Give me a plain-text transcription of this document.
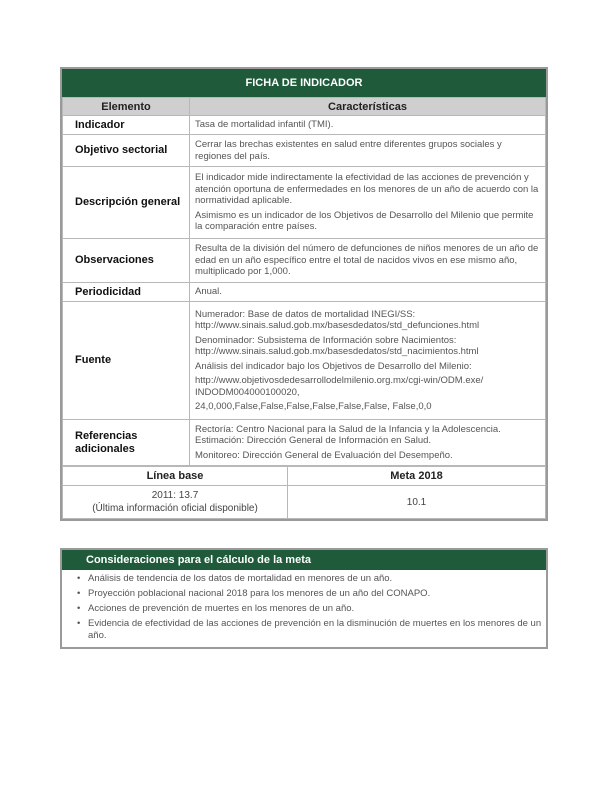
FICHA DE INDICADOR
Elemento	Características
Indicador	Tasa de mortalidad infantil (TMI).
Objetivo sectorial	Cerrar las brechas existentes en salud entre diferentes grupos sociales y regiones del país.
Descripción general	El indicador mide indirectamente la efectividad de las acciones de prevención y atención oportuna de enfermedades en los menores de un año de acuerdo con la normatividad aplicable.

Asimismo es un indicador de los Objetivos de Desarrollo del Milenio que permite la comparación entre países.

Observaciones	Resulta de la división del número de defunciones de niños menores de un año de edad en un año específico entre el total de nacidos vivos en ese mismo año, multiplicado por 1,000.
Periodicidad	Anual.
Fuente	Numerador: Base de datos de mortalidad INEGI/SS: http://www.sinais.salud.gob.mx/basesdedatos/std_defunciones.html

Denominador: Subsistema de Información sobre Nacimientos: http://www.sinais.salud.gob.mx/basesdedatos/std_nacimientos.html

Análisis del indicador bajo los Objetivos de Desarrollo del Milenio:

http://www.objetivosdedesarrollodelmilenio.org.mx/cgi-win/ODM.exe/ INDODM004000100020,

24,0,000,False,False,False,False,False,False, False,0,0

Referencias adicionales	Rectoría: Centro Nacional para la Salud de la Infancia y la Adolescencia.

Estimación: Dirección General de Información en Salud.

Monitoreo: Dirección General de Evaluación del Desempeño.

Línea base	Meta 2018

2011: 13.7
(Última información oficial disponible)	10.1
Consideraciones para el cálculo de la meta
• Análisis de tendencia de los datos de mortalidad en menores de un año.
• Proyección poblacional nacional 2018 para los menores de un año del CONAPO.
• Acciones de prevención de muertes en los menores de un año.
• Evidencia de efectividad de las acciones de prevención en la disminución de muertes en los menores de un año.
